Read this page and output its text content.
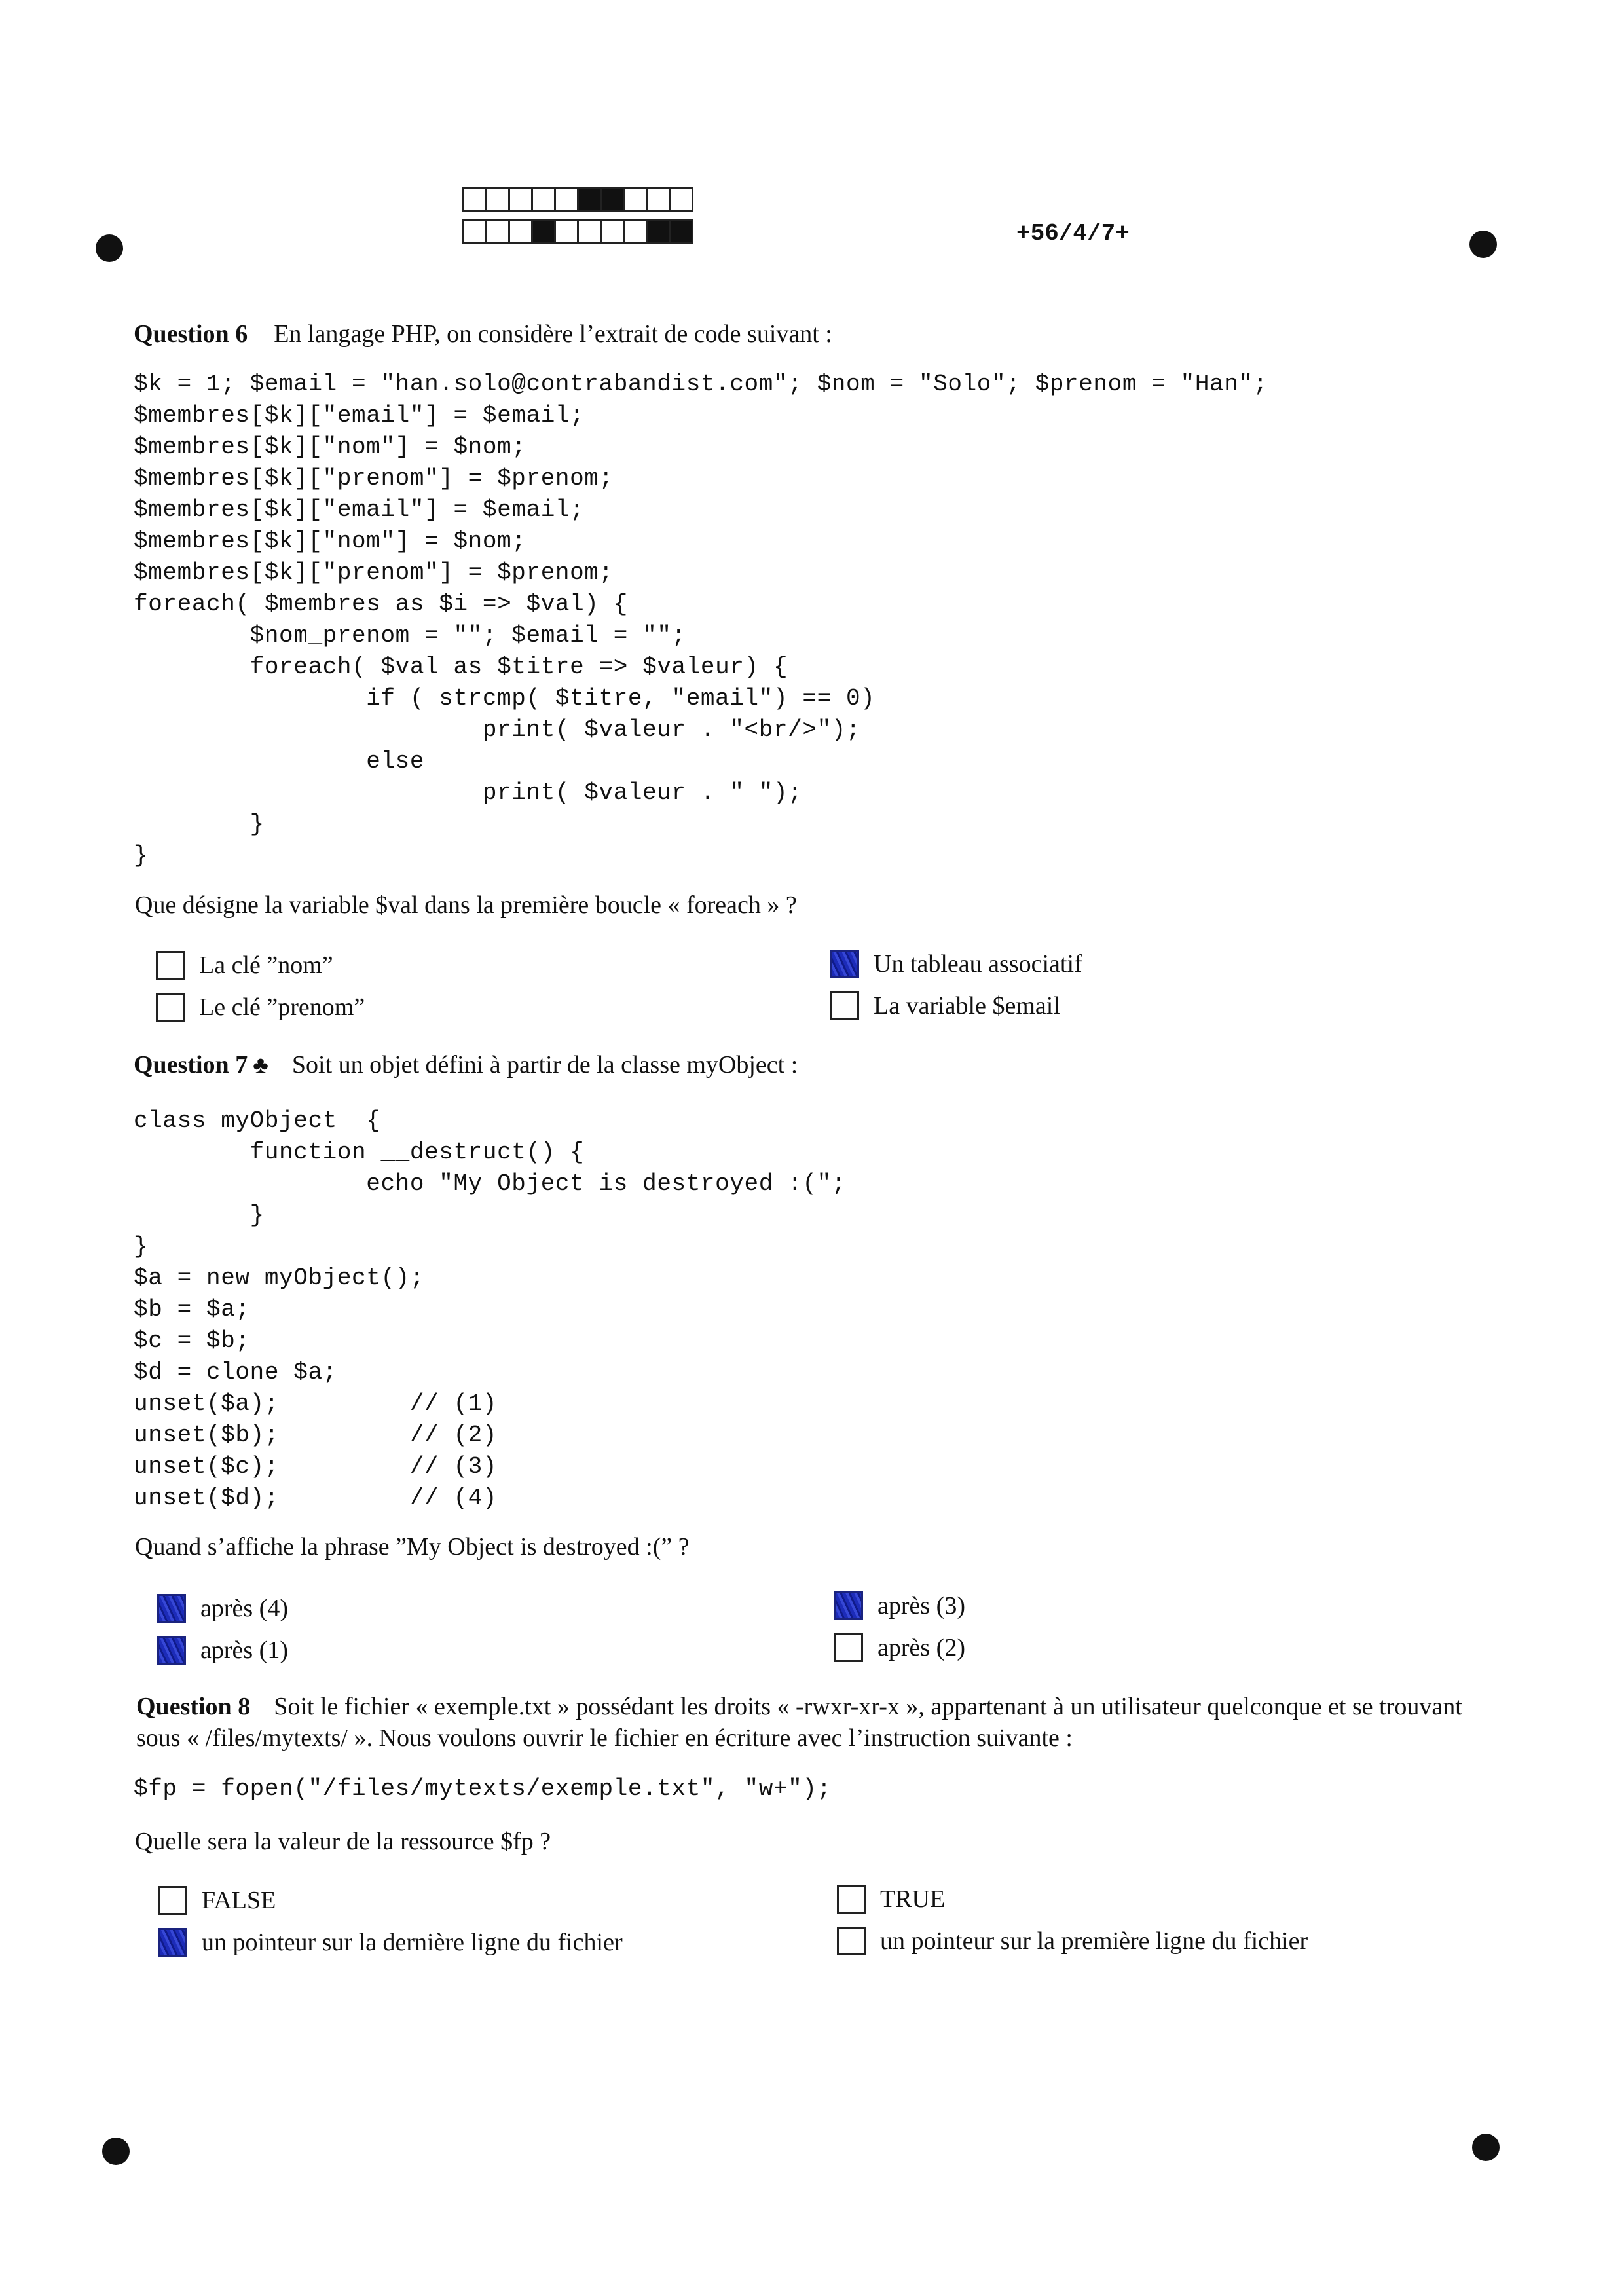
+56/4/7+
Question 6 En langage PHP, on considère l’extrait de code suivant :
$k = 1; $email = "han.solo@contrabandist.com"; $nom = "Solo"; $prenom = "Han";
$membres[$k]["email"] = $email;
$membres[$k]["nom"] = $nom;
$membres[$k]["prenom"] = $prenom;
$membres[$k]["email"] = $email;
$membres[$k]["nom"] = $nom;
$membres[$k]["prenom"] = $prenom;
foreach( $membres as $i => $val) {
$nom_prenom = ""; $email = "";
foreach( $val as $titre => $valeur) {
if ( strcmp( $titre, "email") == 0)
print( $valeur . "<br/>");
else
print( $valeur . " ");
}
}
Que désigne la variable $val dans la première boucle « foreach » ?
La clé ”nom”	Un tableau associatif
Le clé ”prenom”	La variable $email
Question 7 ♣ Soit un objet défini à partir de la classe myObject :
class myObject  {
function __destruct() {
echo "My Object is destroyed :(";
}
}
$a = new myObject();
$b = $a;
$c = $b;
$d = clone $a;
unset($a);         // (1)
unset($b);         // (2)
unset($c);         // (3)
unset($d);         // (4)
Quand s’affiche la phrase ”My Object is destroyed :(” ?
après (4)	après (3)
après (1)	après (2)
Question 8 Soit le fichier « exemple.txt » possédant les droits « -rwxr-xr-x », appartenant à un utilisateur quelconque et se trouvant sous « /files/mytexts/ ». Nous voulons ouvrir le fichier en écriture avec l’instruction suivante :
$fp = fopen("/files/mytexts/exemple.txt", "w+");
Quelle sera la valeur de la ressource $fp ?
FALSE	TRUE
un pointeur sur la dernière ligne du fichier	un pointeur sur la première ligne du fichier
